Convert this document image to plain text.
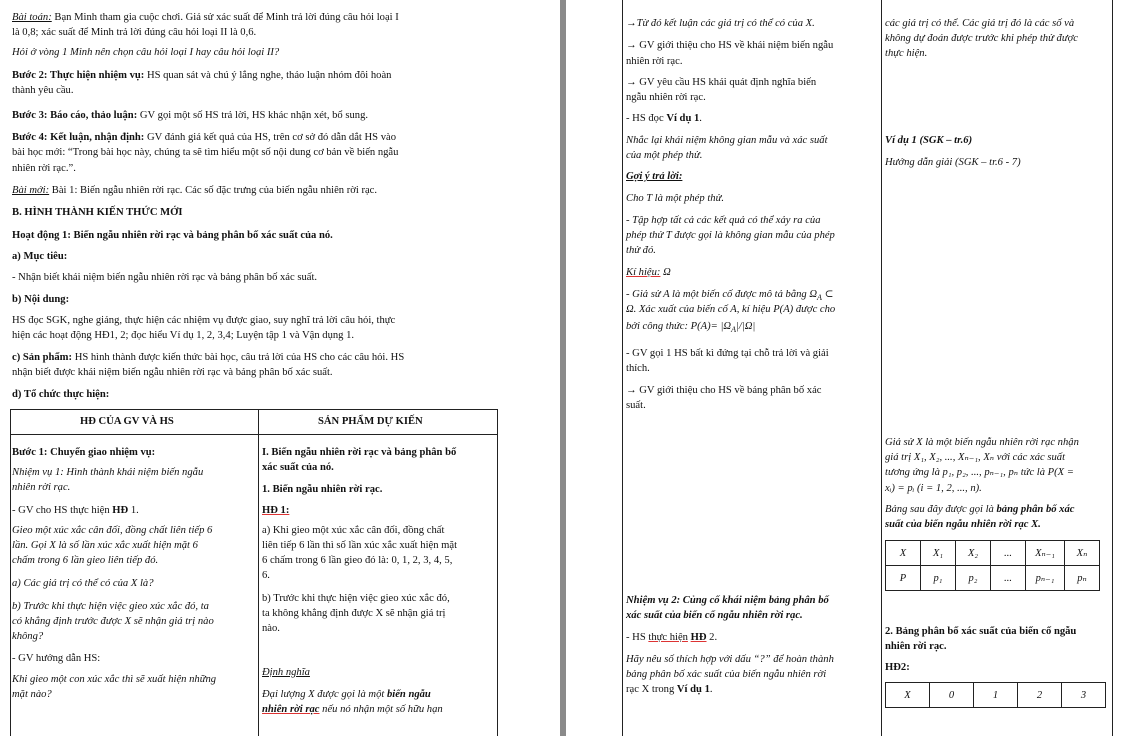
Bài toán: Bạn Minh tham gia cuộc chơi. Giả sử xác suất để Minh trả lời đúng câu hỏi loại I
là 0,8; xác suất để Minh trả lời đúng câu hỏi loại II là 0,6.
Hỏi ở vòng 1 Minh nên chọn câu hỏi loại I hay câu hỏi loại II?
Bước 2: Thực hiện nhiệm vụ: HS quan sát và chú ý lắng nghe, thảo luận nhóm đôi hoàn
thành yêu cầu.
Bước 3: Báo cáo, thảo luận: GV gọi một số HS trả lời, HS khác nhận xét, bổ sung.
Bước 4: Kết luận, nhận định: GV đánh giá kết quả của HS, trên cơ sở đó dẫn dắt HS vào
bài học mới: “Trong bài học này, chúng ta sẽ tìm hiểu một số nội dung cơ bản về biến ngẫu
nhiên rời rạc.”.
Bài mới: Bài 1: Biến ngẫu nhiên rời rạc. Các số đặc trưng của biến ngẫu nhiên rời rạc.
B. HÌNH THÀNH KIẾN THỨC MỚI
Hoạt động 1: Biến ngẫu nhiên rời rạc và bảng phân bố xác suất của nó.
a) Mục tiêu:
- Nhận biết khái niệm biến ngẫu nhiên rời rạc và bảng phân bố xác suất.
b) Nội dung:
HS đọc SGK, nghe giảng, thực hiện các nhiệm vụ được giao, suy nghĩ trả lời câu hỏi, thực
hiện các hoạt động HĐ1, 2; đọc hiểu Ví dụ 1, 2, 3,4; Luyện tập 1 và Vận dụng 1.
c) Sản phẩm: HS hình thành được kiến thức bài học, câu trả lời của HS cho các câu hỏi. HS
nhận biết được khái niệm biến ngẫu nhiên rời rạc và bảng phân bố xác suất.
d) Tổ chức thực hiện:
HĐ CỦA GV VÀ HS	SẢN PHẨM DỰ KIẾN
Bước 1: Chuyển giao nhiệm vụ:
Nhiệm vụ 1: Hình thành khái niệm biến ngẫu
nhiên rời rạc.
- GV cho HS thực hiện HĐ 1.
Gieo một xúc xắc cân đối, đồng chất liên tiếp 6
lần. Gọi X là số lần xúc xắc xuất hiện mặt 6
chấm trong 6 lần gieo liên tiếp đó.
a) Các giá trị có thể có của X là?
b) Trước khi thực hiện việc gieo xúc xắc đó, ta
có khẳng định trước được X sẽ nhận giá trị nào
không?
- GV hướng dẫn HS:
Khi gieo một con xúc xắc thì sẽ xuất hiện những
mặt nào?
I. Biến ngẫu nhiên rời rạc và bảng phân bố
xác suất của nó.
1. Biến ngẫu nhiên rời rạc.
HĐ 1:
a) Khi gieo một xúc xắc cân đối, đồng chất
liên tiếp 6 lần thì số lần xúc xắc xuất hiện mặt
6 chấm trong 6 lần gieo đó là: 0, 1, 2, 3, 4, 5,
6.
b) Trước khi thực hiện việc gieo xúc xắc đó,
ta không khẳng định được X sẽ nhận giá trị
nào.
Định nghĩa
Đại lượng X được gọi là một biến ngẫu
nhiên rời rạc nếu nó nhận một số hữu hạn
→Từ đó kết luận các giá trị có thể có của X.
→ GV giới thiệu cho HS về khái niệm biến ngẫu
nhiên rời rạc.
→ GV yêu cầu HS khái quát định nghĩa biến
ngẫu nhiên rời rạc.
- HS đọc Ví dụ 1.
Nhắc lại khái niệm không gian mẫu và xác suất
của một phép thử.
Gợi ý trả lời:
Cho T là một phép thử.
- Tập hợp tất cả các kết quả có thể xảy ra của
phép thử T được gọi là không gian mẫu của phép
thử đó.
Kí hiệu: Ω
- Giả sử A là một biến cố được mô tả bằng $\Omega_A$ ⊂
Ω. Xác xuất của biến cố A, kí hiệu P(A) được cho
bởi công thức: $P(A)= |\Omega_A|/|\Omega|$
- GV gọi 1 HS bất kì đứng tại chỗ trả lời và giải
thích.
→ GV giới thiệu cho HS về bảng phân bố xác
suất.
Nhiệm vụ 2: Củng cố khái niệm bảng phân bố
xác suất của biến cố ngẫu nhiên rời rạc.
- HS thực hiện HĐ 2.
Hãy nêu số thích hợp với dấu “?” để hoàn thành
bảng phân bố xác suất của biến ngẫu nhiên rời
rạc X trong Ví dụ 1.
các giá trị có thể. Các giá trị đó là các số và
không dự đoán được trước khi phép thử được
thực hiện.
Ví dụ 1 (SGK – tr.6)
Hướng dẫn giải (SGK – tr.6 - 7)
Giả sử X là một biến ngẫu nhiên rời rạc nhận
giá trị X₁, X₂, ..., Xₙ₋₁, Xₙ với các xác suất
tương ứng là p₁, p₂, ..., pₙ₋₁, pₙ tức là P(X =
xᵢ) = pᵢ (i = 1, 2, ..., n).
Bảng sau đây được gọi là bảng phân bố xác
suất của biến ngẫu nhiên rời rạc X.
X	X₁	X₂	...	Xₙ₋₁	Xₙ
P	p₁	p₂	...	pₙ₋₁	pₙ
2. Bảng phân bố xác suất của biến cố ngẫu
nhiên rời rạc.
HĐ2:
X	0	1	2	3
